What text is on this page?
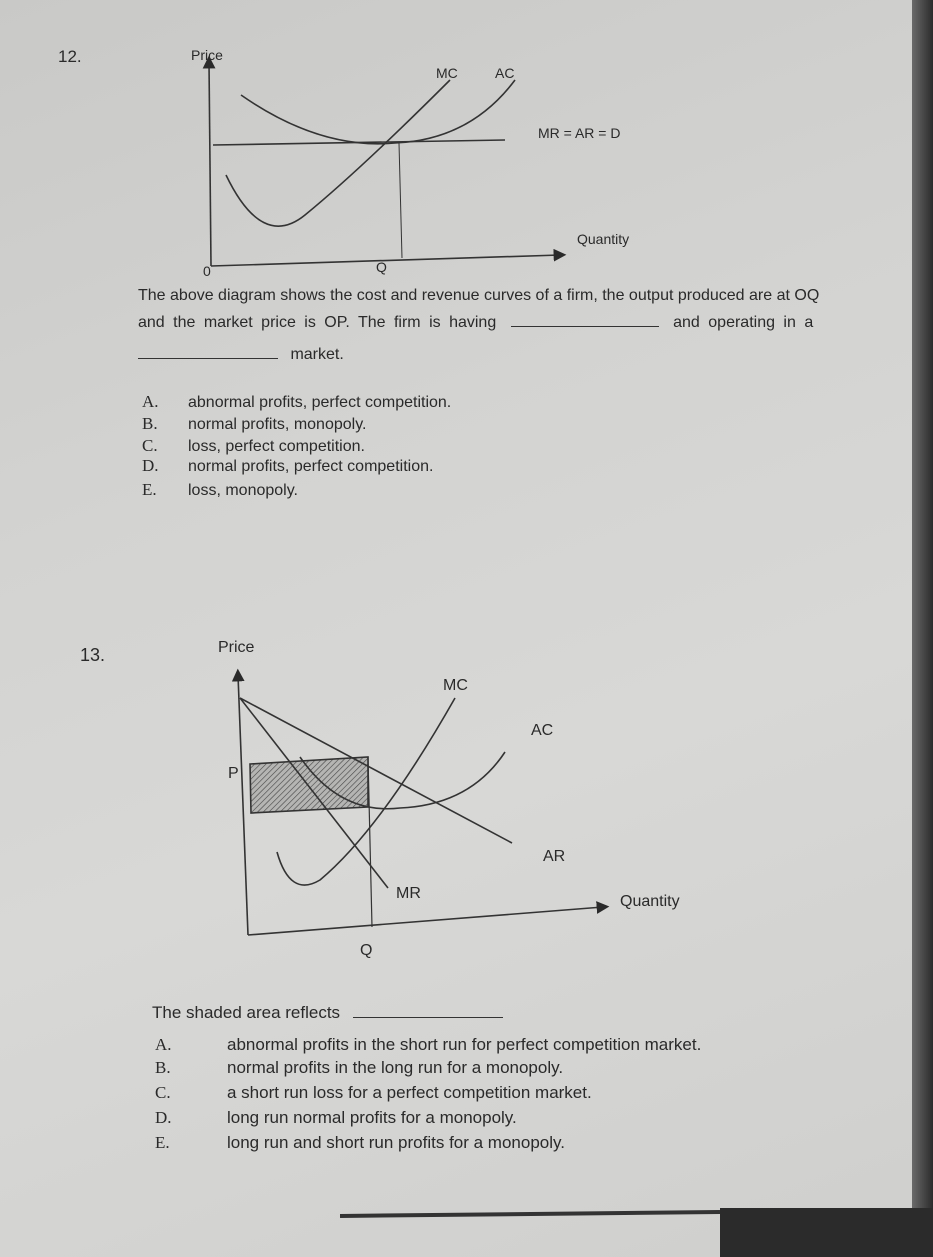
Price
MC	AC
MR = AR = D
Quantity
0	Q
Price
MC
AC
P
AR
MR	Quantity
Q
12.
The above diagram shows the cost and revenue curves of a firm, the output produced are at OQ
and the market price is OP. The firm is having	and operating in a
market.
A. abnormal profits, perfect competition.
B. normal profits, monopoly.
C. loss, perfect competition.
D. normal profits, perfect competition.
E. loss, monopoly.
13.
The shaded area reflects
A.	abnormal profits in the short run for perfect competition market.
B.	normal profits in the long run for a monopoly.
C.	a short run loss for a perfect competition market.
D.	long run normal profits for a monopoly.
E.	long run and short run profits for a monopoly.
